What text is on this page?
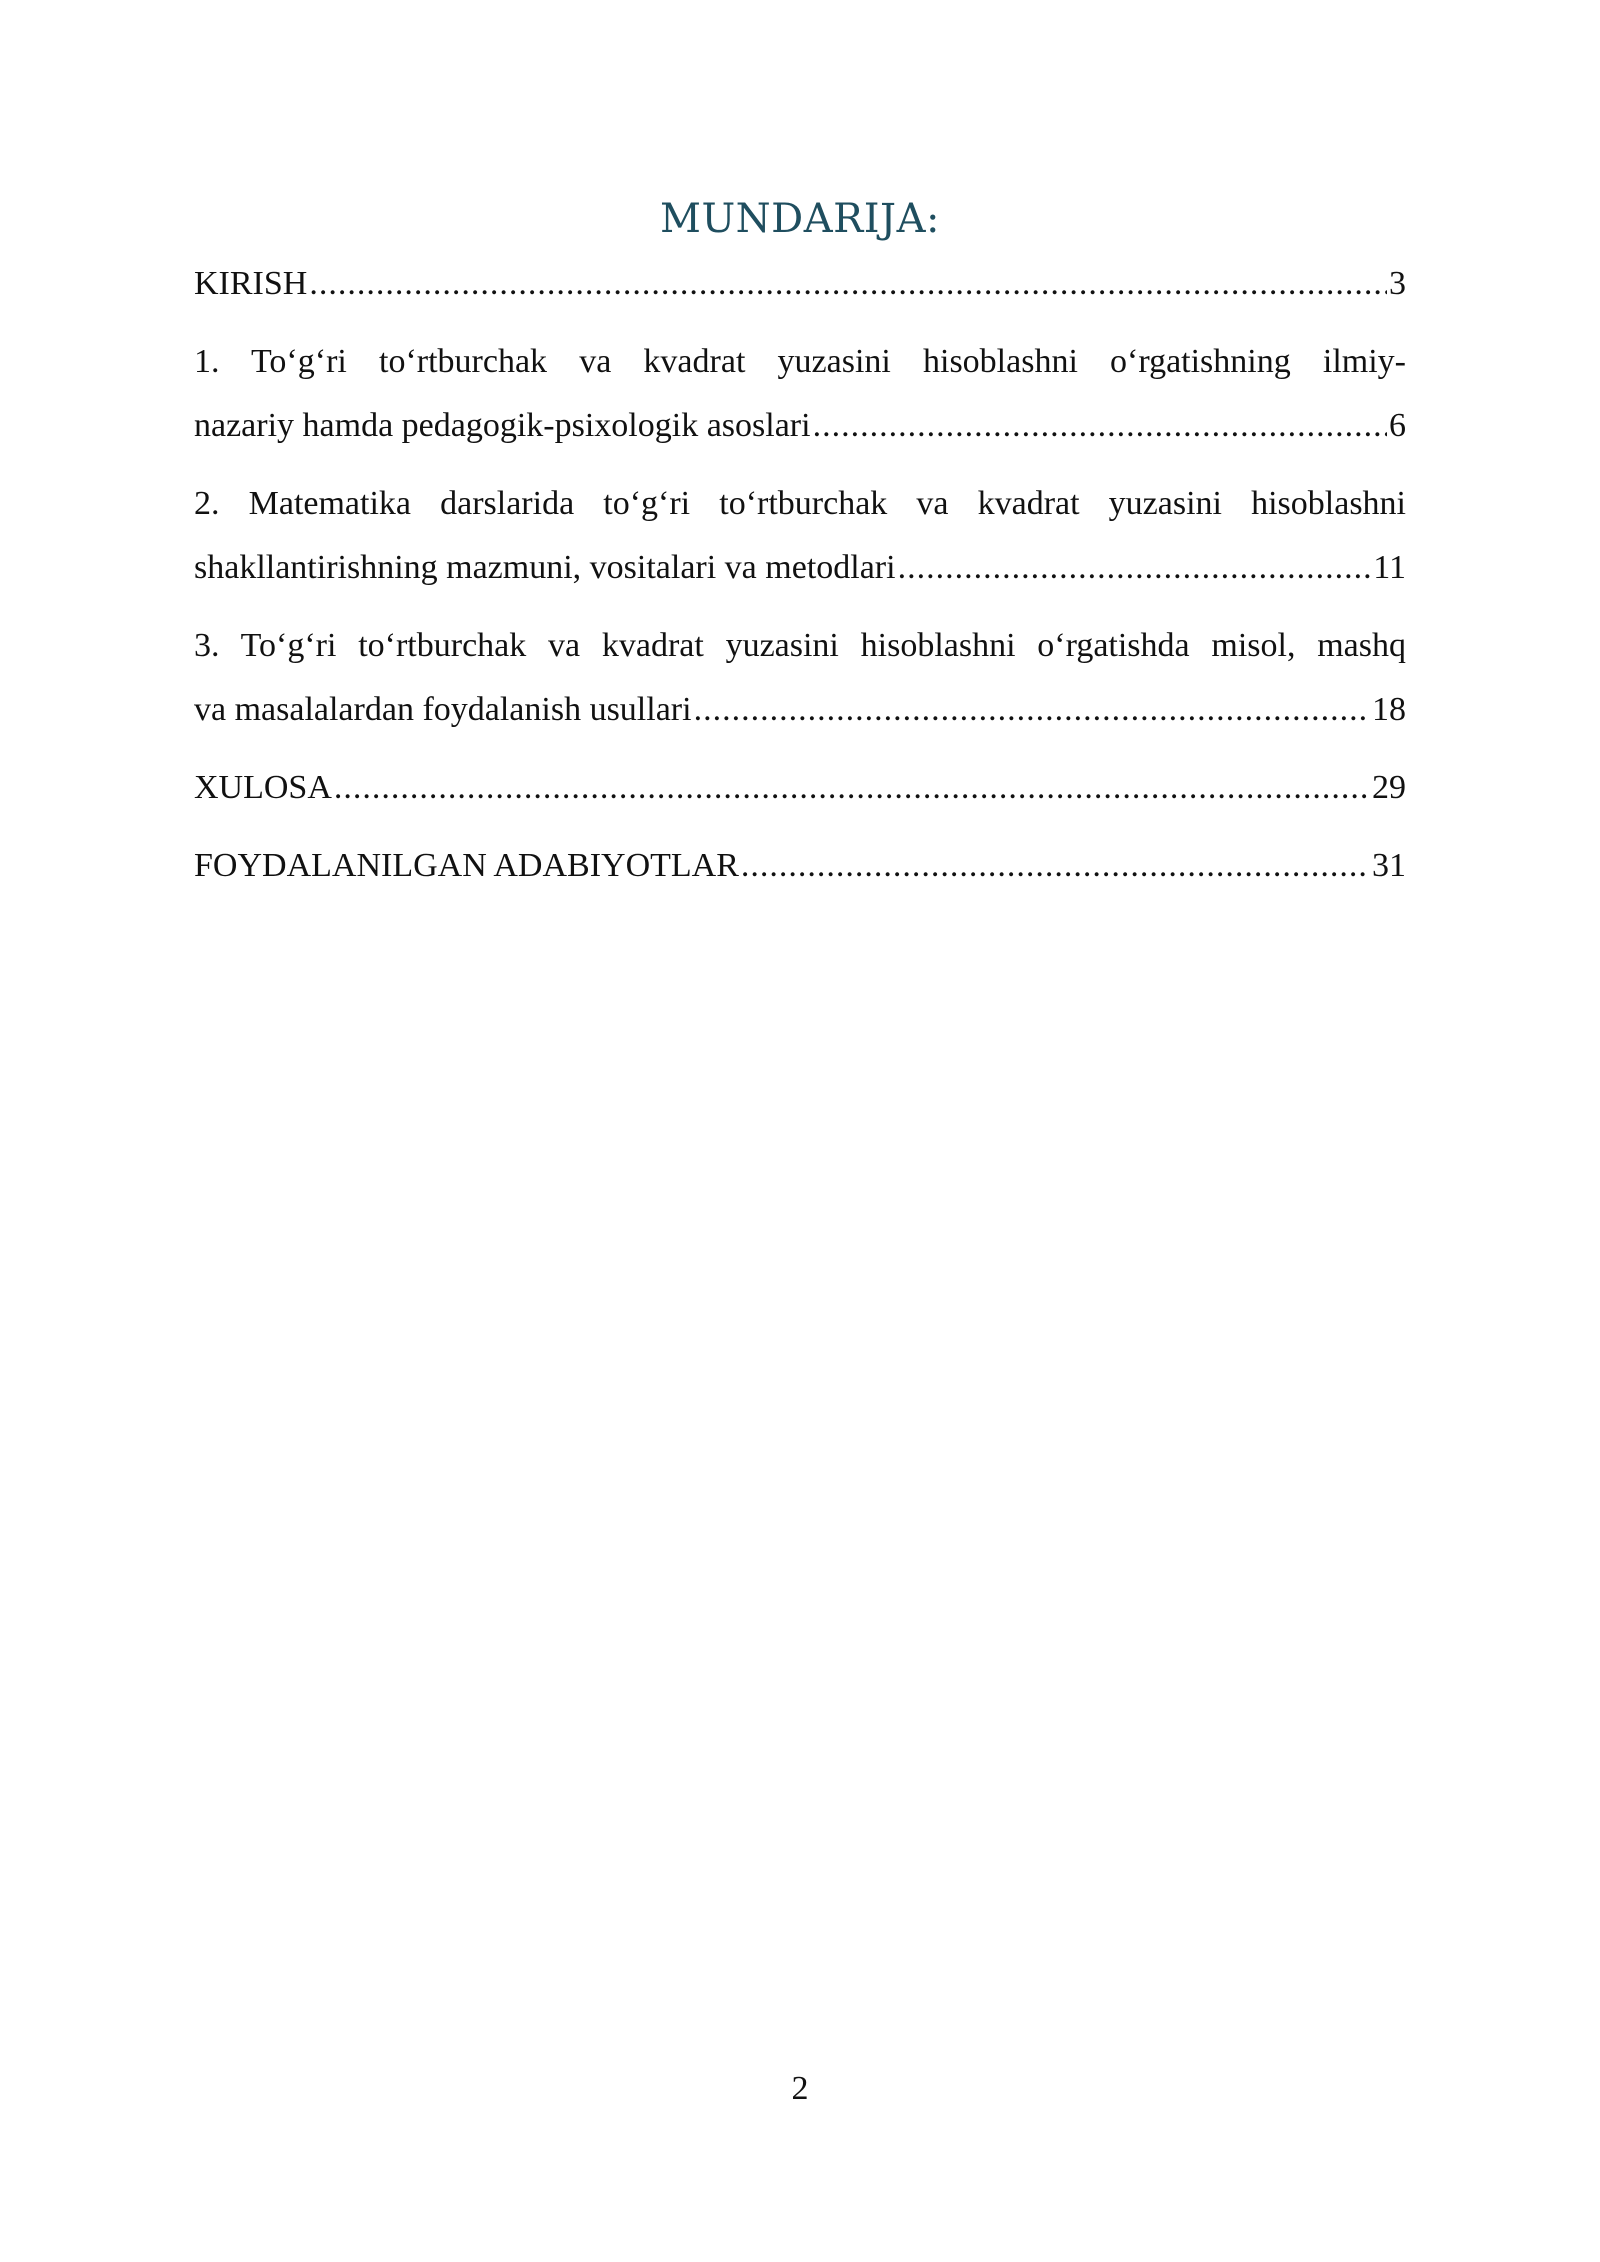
MUNDARIJA:
KIRISH .....	3
1. To‘g‘ri to‘rtburchak va kvadrat yuzasini hisoblashni o‘rgatishning ilmiy-
nazariy hamda pedagogik-psixologik asoslari .....	6
2. Matematika darslarida to‘g‘ri to‘rtburchak va kvadrat yuzasini hisoblashni
shakllantirishning mazmuni, vositalari va metodlari .....	11
3. To‘g‘ri to‘rtburchak va kvadrat yuzasini hisoblashni o‘rgatishda misol, mashq
va masalalardan foydalanish usullari .....	18
XULOSA .....	29
FOYDALANILGAN ADABIYOTLAR .....	31
2
